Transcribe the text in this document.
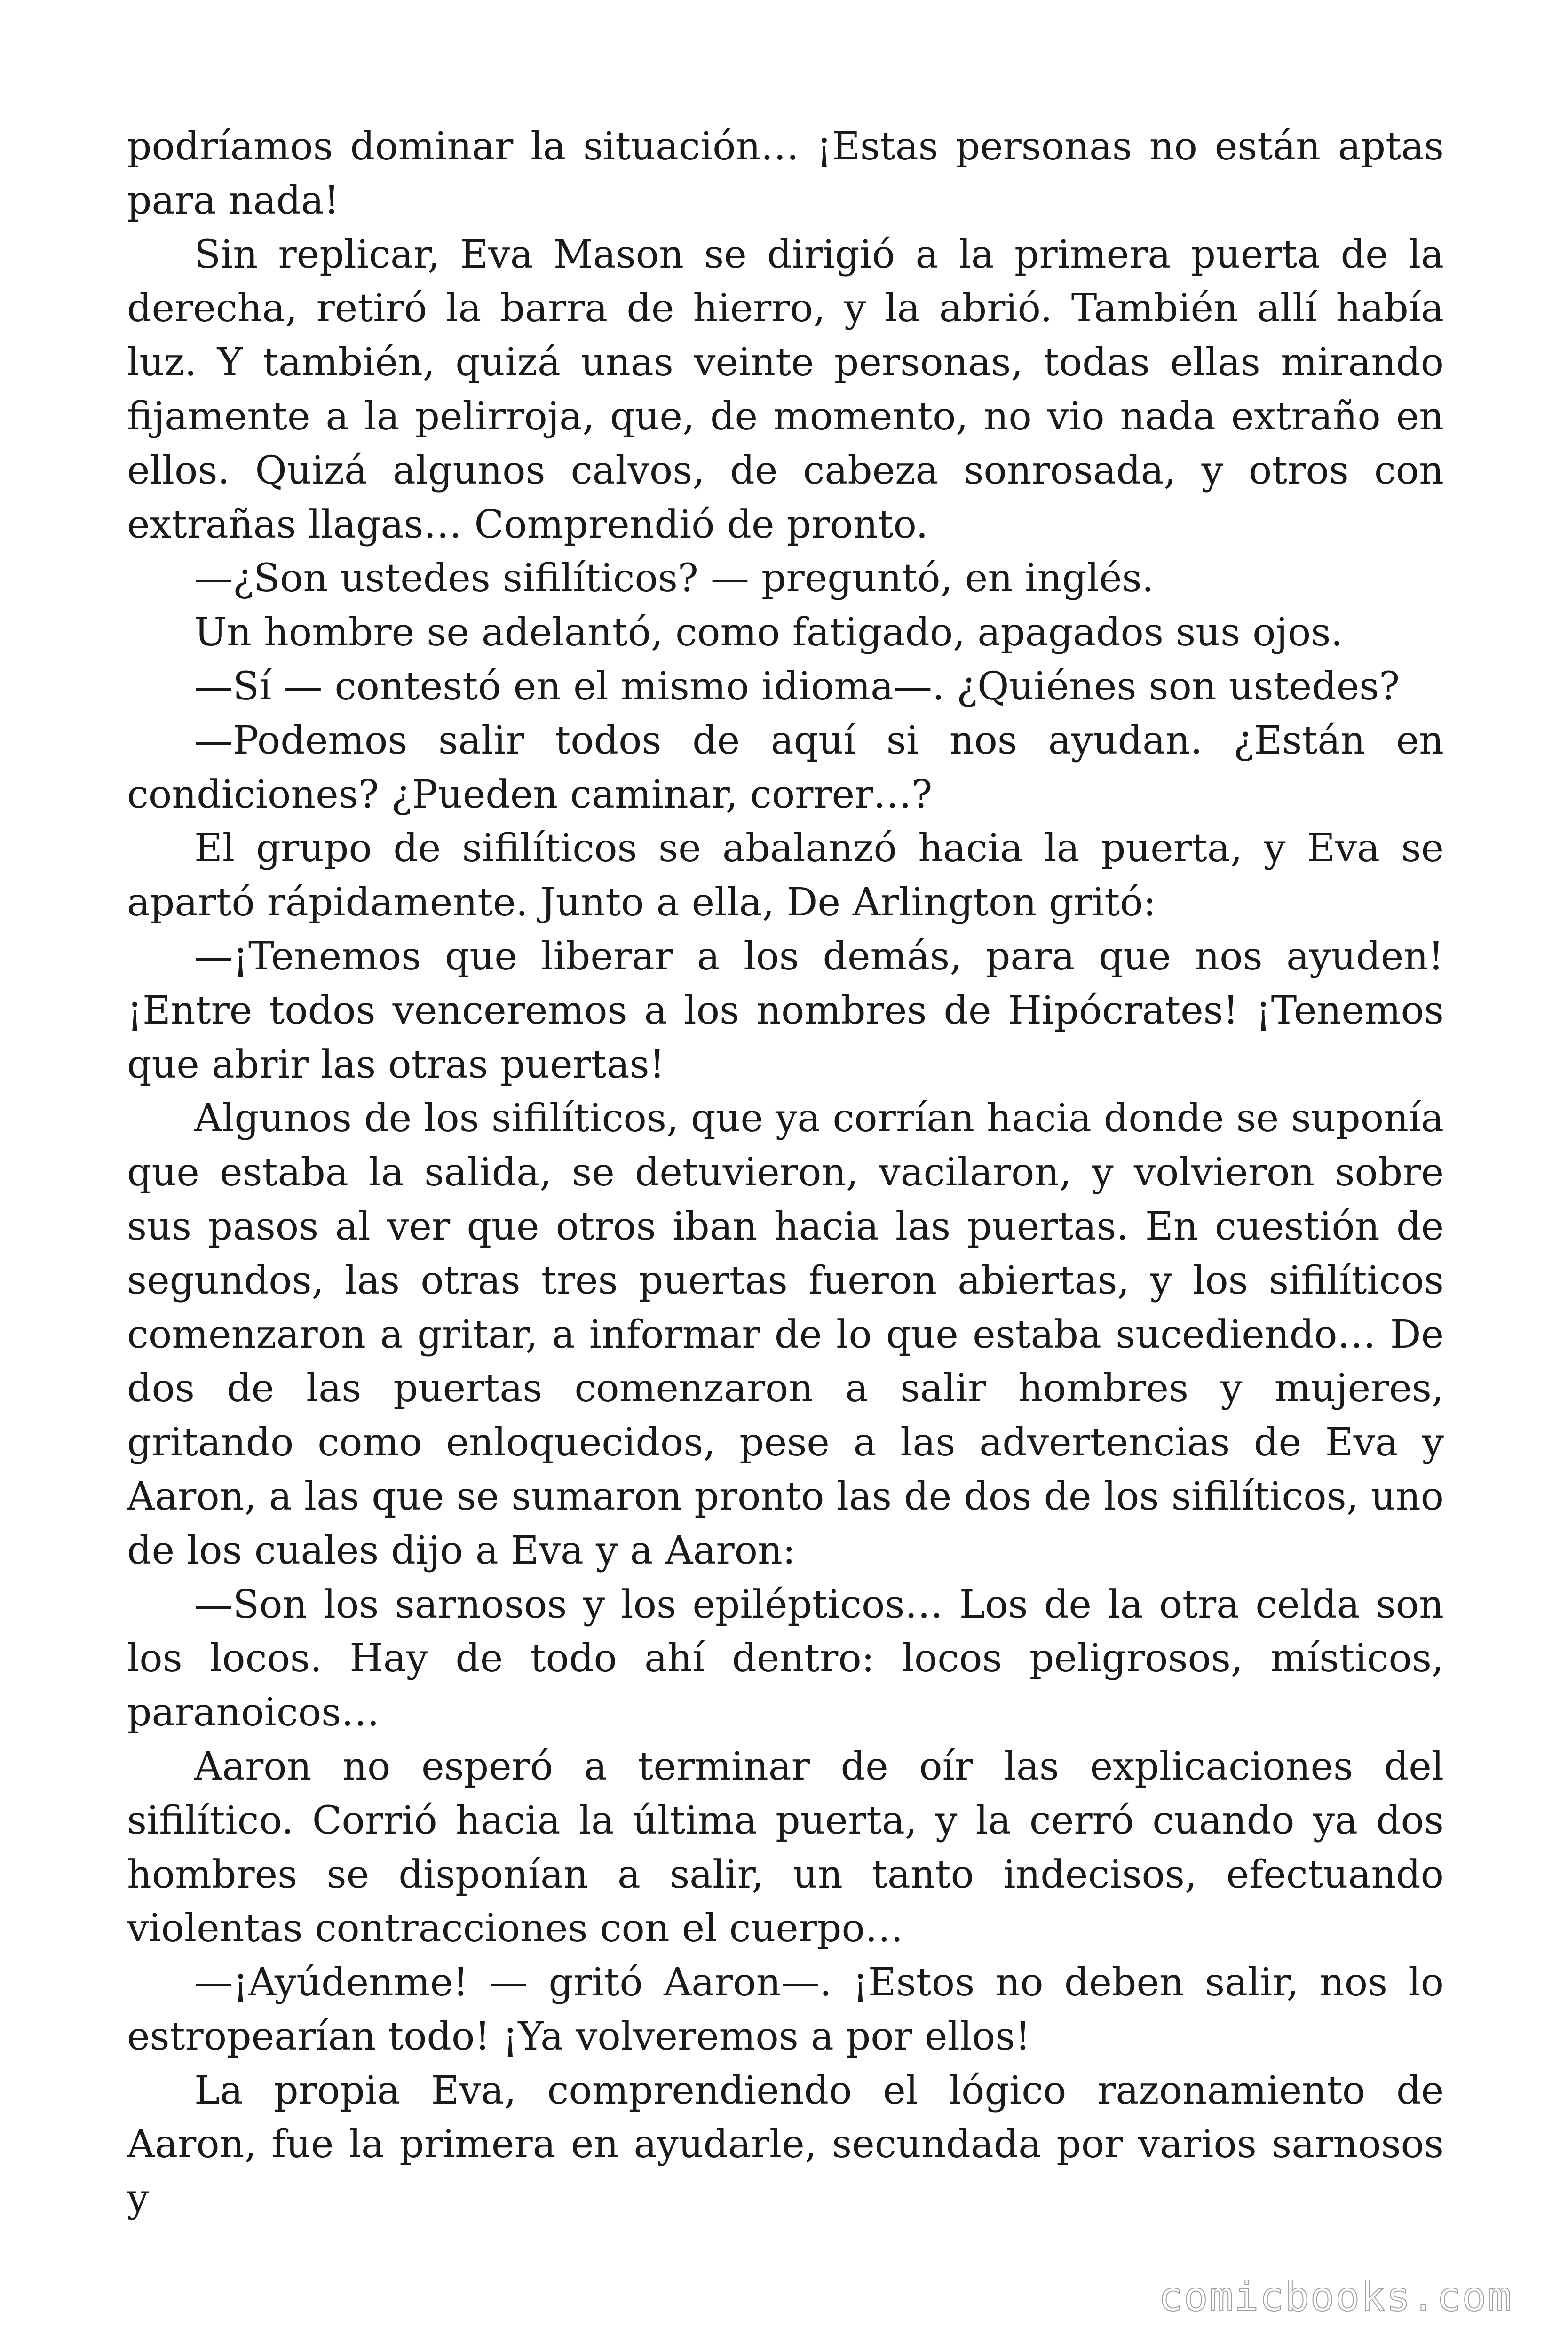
podríamos dominar la situación… ¡Estas personas no están aptas para nada!

Sin replicar, Eva Mason se dirigió a la primera puerta de la derecha, retiró la barra de hierro, y la abrió. También allí había luz. Y también, quizá unas veinte personas, todas ellas mirando fijamente a la pelirroja, que, de momento, no vio nada extraño en ellos. Quizá algunos calvos, de cabeza sonrosada, y otros con extrañas llagas… Comprendió de pronto.

—¿Son ustedes sifilíticos? — preguntó, en inglés.

Un hombre se adelantó, como fatigado, apagados sus ojos.

—Sí — contestó en el mismo idioma—. ¿Quiénes son ustedes?

—Podemos salir todos de aquí si nos ayudan. ¿Están en condiciones? ¿Pueden caminar, correr…?

El grupo de sifilíticos se abalanzó hacia la puerta, y Eva se apartó rápidamente. Junto a ella, De Arlington gritó:

—¡Tenemos que liberar a los demás, para que nos ayuden! ¡Entre todos venceremos a los nombres de Hipócrates! ¡Tenemos que abrir las otras puertas!

Algunos de los sifilíticos, que ya corrían hacia donde se suponía que estaba la salida, se detuvieron, vacilaron, y volvieron sobre sus pasos al ver que otros iban hacia las puertas. En cuestión de segundos, las otras tres puertas fueron abiertas, y los sifilíticos comenzaron a gritar, a informar de lo que estaba sucediendo… De dos de las puertas comenzaron a salir hombres y mujeres, gritando como enloquecidos, pese a las advertencias de Eva y Aaron, a las que se sumaron pronto las de dos de los sifilíticos, uno de los cuales dijo a Eva y a Aaron:

—Son los sarnosos y los epilépticos… Los de la otra celda son los locos. Hay de todo ahí dentro: locos peligrosos, místicos, paranoicos…

Aaron no esperó a terminar de oír las explicaciones del sifilítico. Corrió hacia la última puerta, y la cerró cuando ya dos hombres se disponían a salir, un tanto indecisos, efectuando violentas contracciones con el cuerpo…

—¡Ayúdenme! — gritó Aaron—. ¡Estos no deben salir, nos lo estropearían todo! ¡Ya volveremos a por ellos!

La propia Eva, comprendiendo el lógico razonamiento de Aaron, fue la primera en ayudarle, secundada por varios sarnosos y

comicbooks.com
